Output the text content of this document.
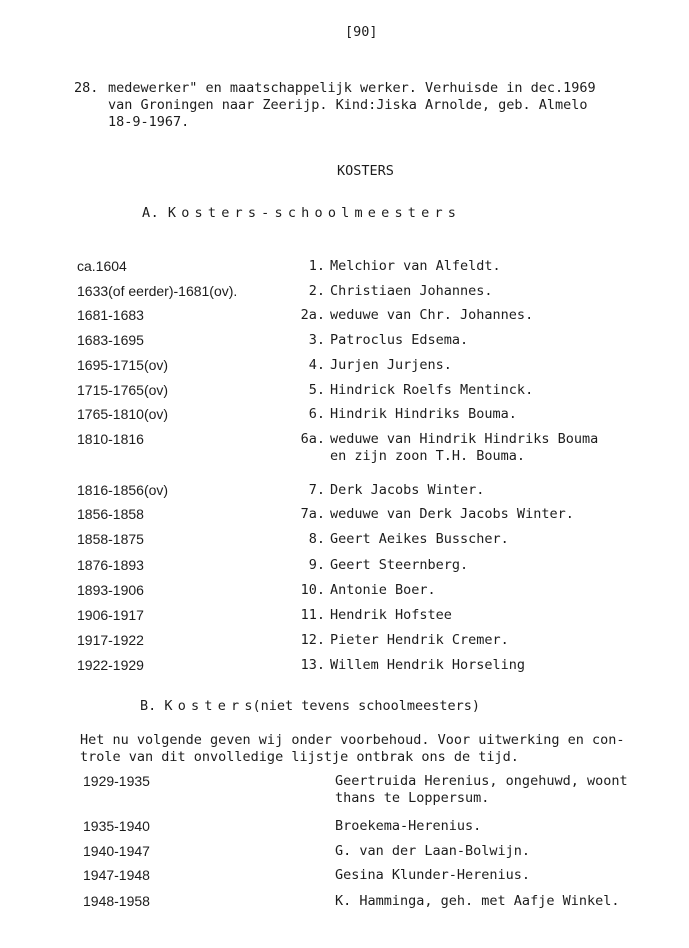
[90]
28. medewerker" en maatschappelijk werker. Verhuisde in dec.1969
van Groningen naar Zeerijp. Kind:Jiska Arnolde, geb. Almelo
18-9-1967.
KOSTERS
A. Kosters-schoolmeesters
ca.1604	1. Melchior van Alfeldt.
1633(of eerder)-1681(ov).	2. Christiaen Johannes.
1681-1683	2a. weduwe van Chr. Johannes.
1683-1695	3. Patroclus Edsema.
1695-1715(ov)	4. Jurjen Jurjens.
1715-1765(ov)	5. Hindrick Roelfs Mentinck.
1765-1810(ov)	6. Hindrik Hindriks Bouma.
1810-1816	6a. weduwe van Hindrik Hindriks Bouma
en zijn zoon T.H. Bouma.
1816-1856(ov)	7. Derk Jacobs Winter.
1856-1858	7a. weduwe van Derk Jacobs Winter.
1858-1875	8. Geert Aeikes Busscher.
1876-1893	9. Geert Steernberg.
1893-1906	10. Antonie Boer.
1906-1917	11. Hendrik Hofstee
1917-1922	12. Pieter Hendrik Cremer.
1922-1929	13. Willem Hendrik Horseling
B. Kosters(niet tevens schoolmeesters)
Het nu volgende geven wij onder voorbehoud. Voor uitwerking en con-
trole van dit onvolledige lijstje ontbrak ons de tijd.
1929-1935	Geertruida Herenius, ongehuwd, woont
thans te Loppersum.
1935-1940	Broekema-Herenius.
1940-1947	G. van der Laan-Bolwijn.
1947-1948	Gesina Klunder-Herenius.
1948-1958	K. Hamminga, geh. met Aafje Winkel.
